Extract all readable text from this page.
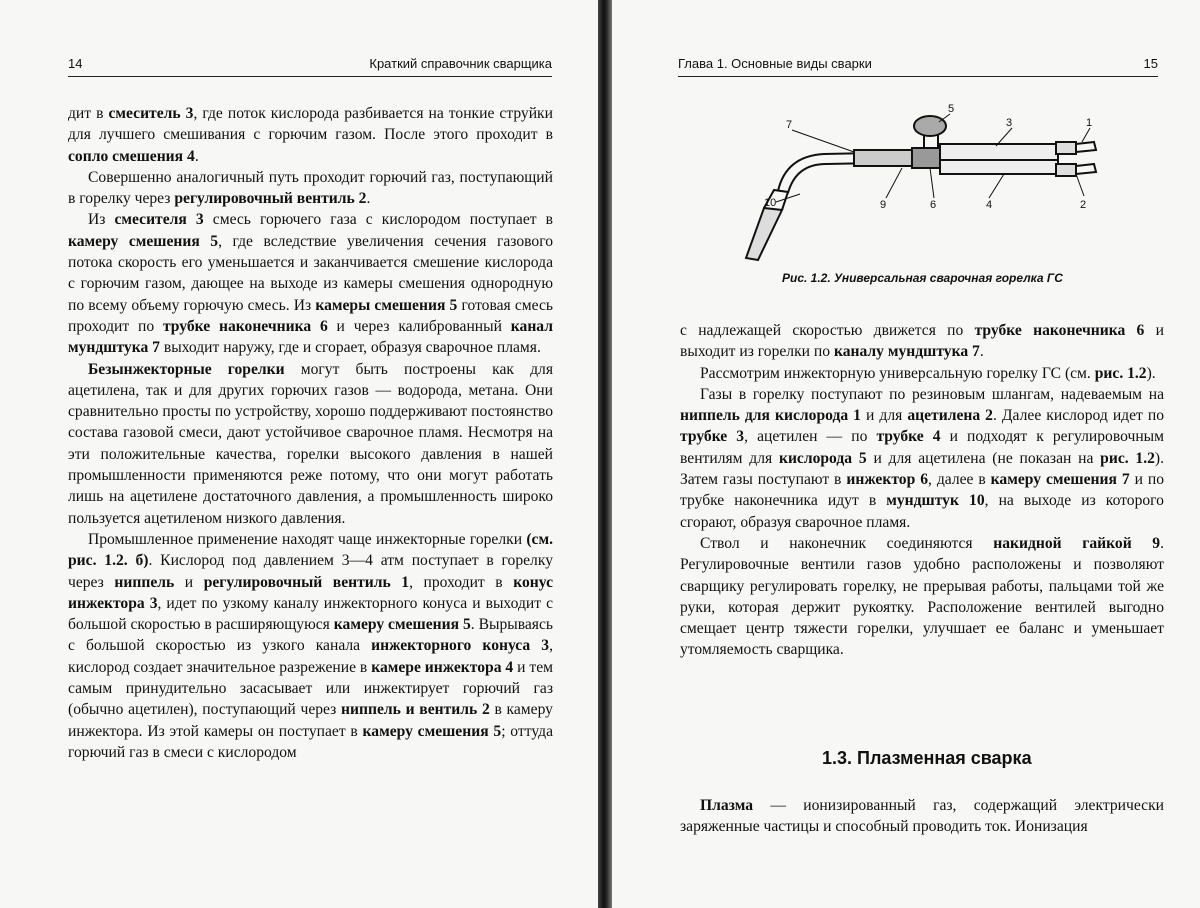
14	Краткий справочник сварщика

дит в смеситель 3, где поток кислорода разбивается на тонкие струйки для лучшего смешивания с горючим газом. После этого проходит в сопло смешения 4.

Совершенно аналогичный путь проходит горючий газ, поступающий в горелку через регулировочный вентиль 2.

Из смесителя 3 смесь горючего газа с кислородом поступает в камеру смешения 5, где вследствие увеличения сечения газового потока скорость его уменьшается и заканчивается смешение кислорода с горючим газом, дающее на выходе из камеры смешения однородную по всему объему горючую смесь. Из камеры смешения 5 готовая смесь проходит по трубке наконечника 6 и через калиброванный канал мундштука 7 выходит наружу, где и сгорает, образуя сварочное пламя.

Безынжекторные горелки могут быть построены как для ацетилена, так и для других горючих газов — водорода, метана. Они сравнительно просты по устройству, хорошо поддерживают постоянство состава газовой смеси, дают устойчивое сварочное пламя. Несмотря на эти положительные качества, горелки высокого давления в нашей промышленности применяются реже потому, что они могут работать лишь на ацетилене достаточного давления, а промышленность широко пользуется ацетиленом низкого давления.

Промышленное применение находят чаще инжекторные горелки (см. рис. 1.2. б). Кислород под давлением 3—4 атм поступает в горелку через ниппель и регулировочный вентиль 1, проходит в конус инжектора 3, идет по узкому каналу инжекторного конуса и выходит с большой скоростью в расширяющуюся камеру смешения 5. Вырываясь с большой скоростью из узкого канала инжекторного конуса 3, кислород создает значительное разрежение в камере инжектора 4 и тем самым принудительно засасывает или инжектирует горючий газ (обычно ацетилен), поступающий через ниппель и вентиль 2 в камеру инжектора. Из этой камеры он поступает в камеру смешения 5; оттуда горючий газ в смеси с кислородом

Глава 1. Основные виды сварки	15
7
5
3	1
2
4
6
9
10
Рис. 1.2. Универсальная сварочная горелка ГС

с надлежащей скоростью движется по трубке наконечника 6 и выходит из горелки по каналу мундштука 7.

Рассмотрим инжекторную универсальную горелку ГС (см. рис. 1.2).

Газы в горелку поступают по резиновым шлангам, надеваемым на ниппель для кислорода 1 и для ацетилена 2. Далее кислород идет по трубке 3, ацетилен — по трубке 4 и подходят к регулировочным вентилям для кислорода 5 и для ацетилена (не показан на рис. 1.2). Затем газы поступают в инжектор 6, далее в камеру смешения 7 и по трубке наконечника идут в мундштук 10, на выходе из которого сгорают, образуя сварочное пламя.

Ствол и наконечник соединяются накидной гайкой 9. Регулировочные вентили газов удобно расположены и позволяют сварщику регулировать горелку, не прерывая работы, пальцами той же руки, которая держит рукоятку. Расположение вентилей выгодно смещает центр тяжести горелки, улучшает ее баланс и уменьшает утомляемость сварщика.

1.3. Плазменная сварка

Плазма — ионизированный газ, содержащий электрически заряженные частицы и способный проводить ток. Ионизация
